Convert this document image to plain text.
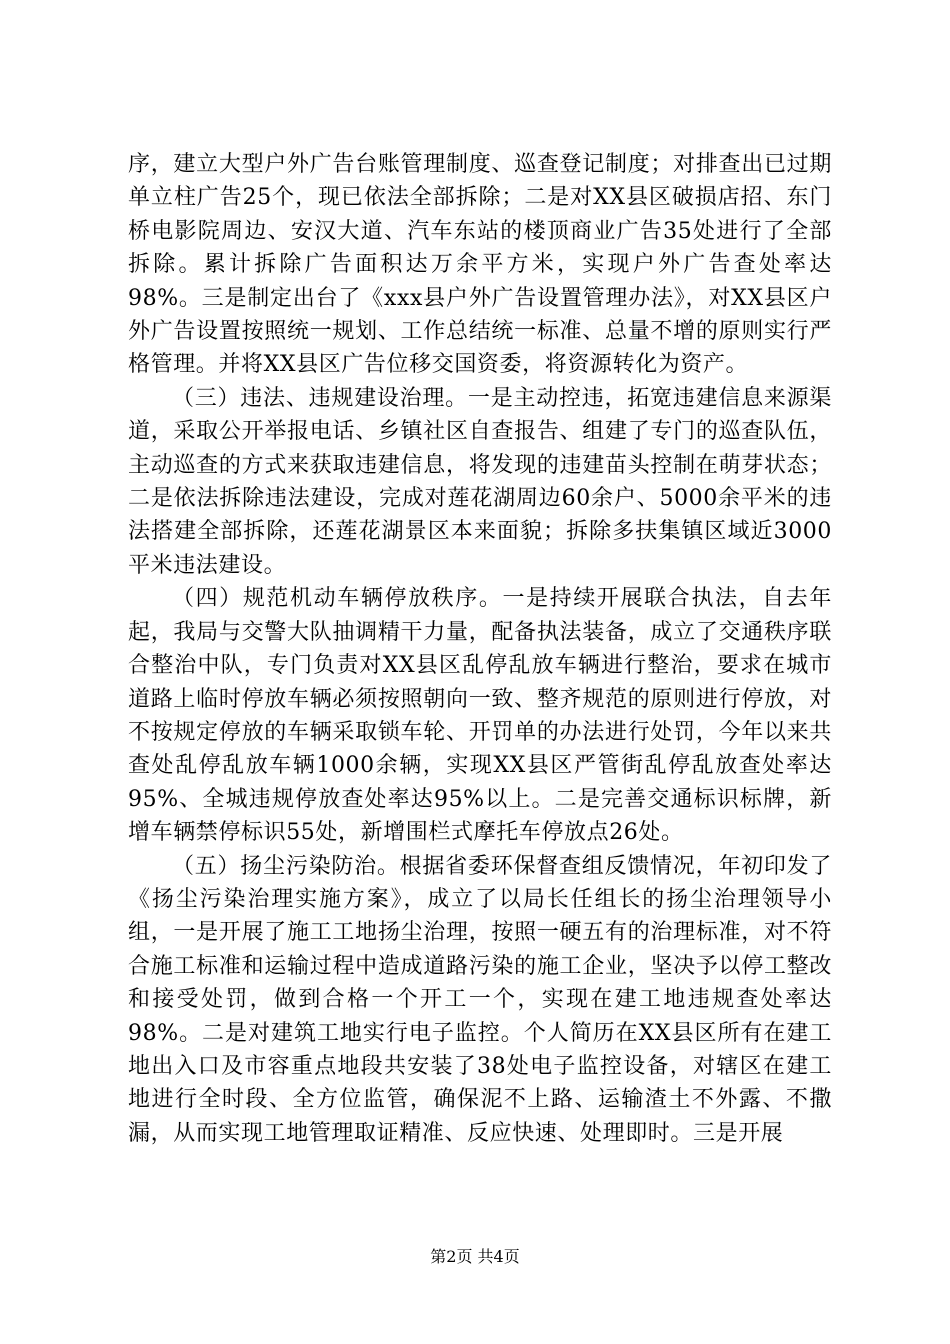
序，建立大型户外广告台账管理制度、巡查登记制度；对排查出已过期单立柱广告25个，现已依法全部拆除；二是对XX县区破损店招、东门桥电影院周边、安汉大道、汽车东站的楼顶商业广告35处进行了全部拆除。累计拆除广告面积达万余平方米，实现户外广告查处率达98%。三是制定出台了《xxx县户外广告设置管理办法》，对XX县区户外广告设置按照统一规划、工作总结统一标准、总量不增的原则实行严格管理。并将XX县区广告位移交国资委，将资源转化为资产。

（三）违法、违规建设治理。一是主动控违，拓宽违建信息来源渠道，采取公开举报电话、乡镇社区自查报告、组建了专门的巡查队伍，主动巡查的方式来获取违建信息，将发现的违建苗头控制在萌芽状态；二是依法拆除违法建设，完成对莲花湖周边60余户、5000余平米的违法搭建全部拆除，还莲花湖景区本来面貌；拆除多扶集镇区域近3000平米违法建设。

（四）规范机动车辆停放秩序。一是持续开展联合执法，自去年起，我局与交警大队抽调精干力量，配备执法装备，成立了交通秩序联合整治中队，专门负责对XX县区乱停乱放车辆进行整治，要求在城市道路上临时停放车辆必须按照朝向一致、整齐规范的原则进行停放，对不按规定停放的车辆采取锁车轮、开罚单的办法进行处罚，今年以来共查处乱停乱放车辆1000余辆，实现XX县区严管街乱停乱放查处率达95%、全城违规停放查处率达95%以上。二是完善交通标识标牌，新增车辆禁停标识55处，新增围栏式摩托车停放点26处。

（五）扬尘污染防治。根据省委环保督查组反馈情况，年初印发了《扬尘污染治理实施方案》，成立了以局长任组长的扬尘治理领导小组，一是开展了施工工地扬尘治理，按照一硬五有的治理标准，对不符合施工标准和运输过程中造成道路污染的施工企业，坚决予以停工整改和接受处罚，做到合格一个开工一个，实现在建工地违规查处率达98%。二是对建筑工地实行电子监控。个人简历在XX县区所有在建工地出入口及市容重点地段共安装了38处电子监控设备，对辖区在建工地进行全时段、全方位监管，确保泥不上路、运输渣土不外露、不撒漏，从而实现工地管理取证精准、反应快速、处理即时。三是开展

第2页 共4页
